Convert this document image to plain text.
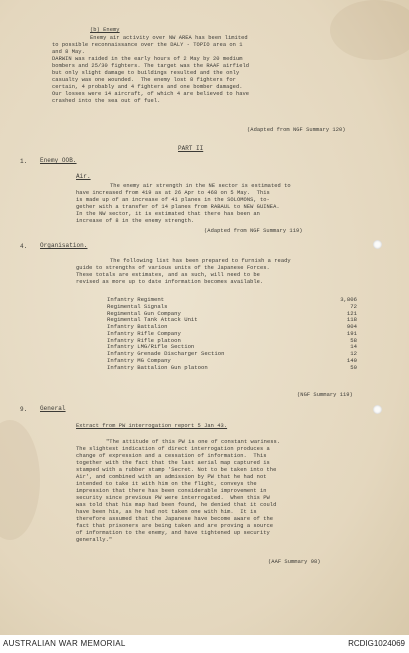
(b) Enemy
Enemy air activity over NW AREA has been limited
to possible reconnaissance over the DALY - TOPIO area on 1
and 8 May.
DARWIN was raided in the early hours of 2 May by 20 medium
bombers and 25/30 fighters. The target was the RAAF airfield
but only slight damage to buildings resulted and the only
casualty was one wounded.  The enemy lost 8 fighters for
certain, 4 probably and 4 fighters and one bomber damaged.
Our losses were 14 aircraft, of which 4 are believed to have
crashed into the sea out of fuel.
(Adapted from NGF Summary 120)
PART II
1. Enemy OOB.
Air.
The enemy air strength in the NE sector is estimated to
have increased from 419 as at 26 Apr to 468 on 5 May.  This
is made up of an increase of 41 planes in the SOLOMONS, to-
gether with a transfer of 14 planes from RABAUL to NEW GUINEA.
In the NW sector, it is estimated that there has been an
increase of 8 in the enemy strength.
(Adapted from NGF Summary 119)
4. Organisation.
The following list has been prepared to furnish a ready
guide to strengths of various units of the Japanese Forces.
These totals are estimates, and as such, will need to be
revised as more up to date information becomes available.
Infantry Regiment	3,806
Regimental Signals	72
Regimental Gun Company	121
Regimental Tank Attack Unit	118
Infantry Battalion	904
Infantry Rifle Company	191
Infantry Rifle platoon	58
Infantry LMG/Rifle Section	14
Infantry Grenade Discharger Section	12
Infantry MG Company	140
Infantry Battalion Gun platoon	50
(NGF Summary 119)
9. General
Extract from PW interrogation report 5 Jan 43.
"The attitude of this PW is one of constant wariness.
The slightest indication of direct interrogation produces a
change of expression and a cessation of information.  This
together with the fact that the last aerial map captured is
stamped with a rubber stamp 'Secret. Not to be taken into the
Air', and combined with an admission by PW that he had not
intended to take it with him on the flight, conveys the
impression that there has been considerable improvement in
security since previous PW were interrogated.  When this PW
was told that his map had been found, he denied that it could
have been his, as he had not taken one with him.  It is
therefore assumed that the Japanese have become aware of the
fact that prisoners are being taken and are proving a source
of information to the enemy, and have tightened up security
generally."
(AAF Summary 98)
AUSTRALIAN WAR MEMORIAL	RCDIG1024069
